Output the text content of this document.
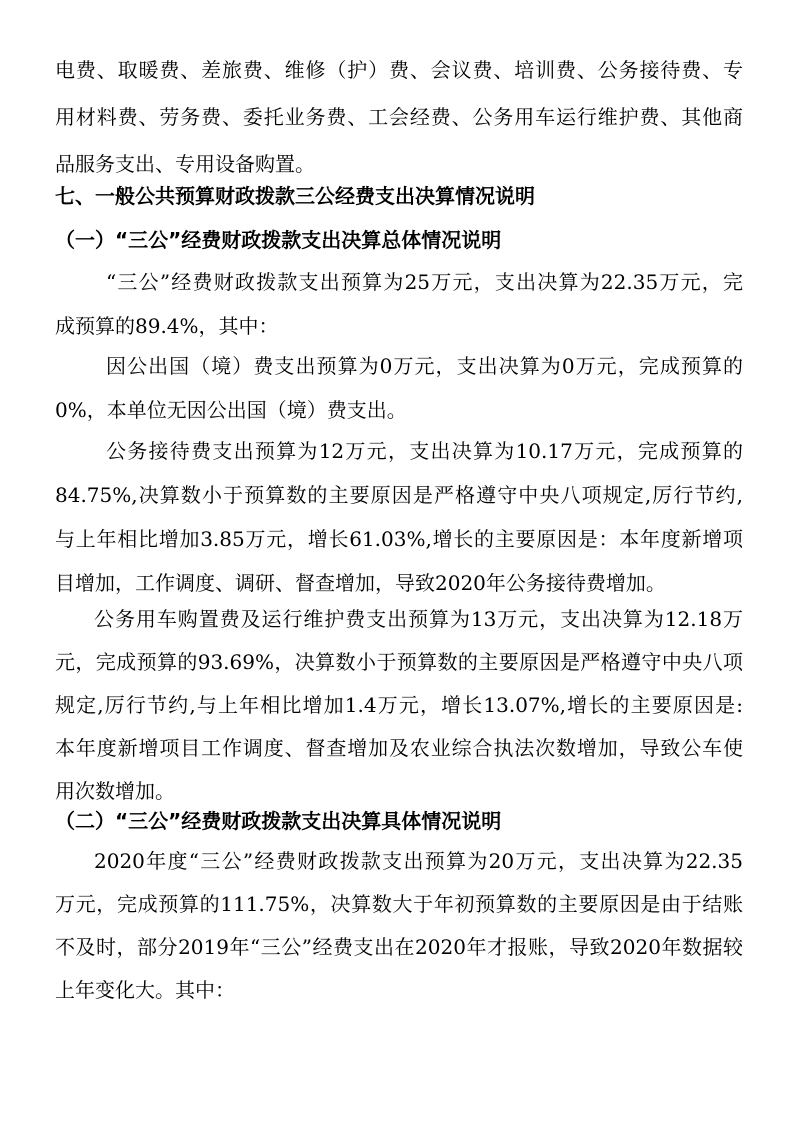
电费、取暖费、差旅费、维修（护）费、会议费、培训费、公务接待费、专
用材料费、劳务费、委托业务费、工会经费、公务用车运行维护费、其他商
品服务支出、专用设备购置。
七、一般公共预算财政拨款三公经费支出决算情况说明
（一）“三公”经费财政拨款支出决算总体情况说明
“三公”经费财政拨款支出预算为25万元，支出决算为22.35万元，完
成预算的89.4%，其中：
因公出国（境）费支出预算为0万元，支出决算为0万元，完成预算的
0%，本单位无因公出国（境）费支出。
公务接待费支出预算为12万元，支出决算为10.17万元，完成预算的
84.75%,决算数小于预算数的主要原因是严格遵守中央八项规定,厉行节约,
与上年相比增加3.85万元，增长61.03%,增长的主要原因是：本年度新增项
目增加，工作调度、调研、督查增加，导致2020年公务接待费增加。
公务用车购置费及运行维护费支出预算为13万元，支出决算为12.18万
元，完成预算的93.69%，决算数小于预算数的主要原因是严格遵守中央八项
规定,厉行节约,与上年相比增加1.4万元，增长13.07%,增长的主要原因是:
本年度新增项目工作调度、督查增加及农业综合执法次数增加，导致公车使
用次数增加。
（二）“三公”经费财政拨款支出决算具体情况说明
2020年度“三公”经费财政拨款支出预算为20万元，支出决算为22.35
万元，完成预算的111.75%，决算数大于年初预算数的主要原因是由于结账
不及时，部分2019年“三公”经费支出在2020年才报账，导致2020年数据较
上年变化大。其中：
